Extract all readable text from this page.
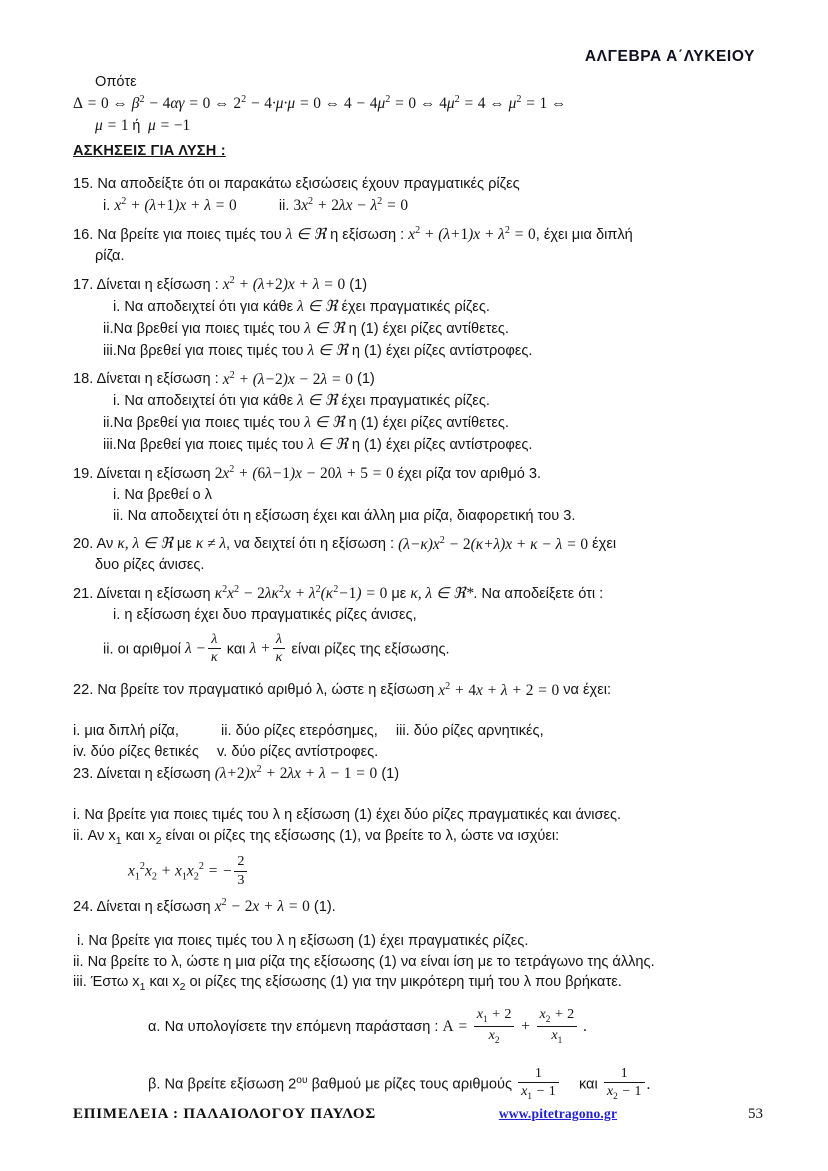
ΑΛΓΕΒΡΑ Α΄ΛΥΚΕΙΟΥ
Οπότε
Δ = 0 ⇔ $\beta^2 - 4\alpha\gamma = 0$ ⇔ $2^2 - 4\cdot\mu\cdot\mu = 0$ ⇔ $4 - 4\mu^2 = 0$ ⇔ $4\mu^2 = 4$ ⇔ $\mu^2 = 1$ ⇔
μ = 1 ή  μ = −1
ΑΣΚΗΣΕΙΣ ΓΙΑ ΛΥΣΗ :
15. Να αποδείξτε ότι οι παρακάτω εξισώσεις έχουν πραγματικές ρίζες
i. $x^2 + (\lambda+1)x + \lambda = 0$	ii. $3x^2 + 2\lambda x - \lambda^2 = 0$
16. Να βρείτε για ποιες τιμές του λ ∈ ℜ η εξίσωση : $x^2 + (\lambda+1)x + \lambda^2 = 0$, έχει μια διπλή
ρίζα.
17. Δίνεται η εξίσωση : $x^2 + (\lambda+2)x + \lambda = 0$ (1)
i. Να αποδειχτεί ότι για κάθε λ ∈ ℜ έχει πραγματικές ρίζες.
ii.Να βρεθεί για ποιες τιμές του λ ∈ ℜ η (1) έχει ρίζες αντίθετες.
iii.Να βρεθεί για ποιες τιμές του λ ∈ ℜ η (1) έχει ρίζες αντίστροφες.
18. Δίνεται η εξίσωση : $x^2 + (\lambda-2)x - 2\lambda = 0$ (1)
i. Να αποδειχτεί ότι για κάθε λ ∈ ℜ έχει πραγματικές ρίζες.
ii.Να βρεθεί για ποιες τιμές του λ ∈ ℜ η (1) έχει ρίζες αντίθετες.
iii.Να βρεθεί για ποιες τιμές του λ ∈ ℜ η (1) έχει ρίζες αντίστροφες.
19. Δίνεται η εξίσωση $2x^2 + (6\lambda-1)x - 20\lambda + 5 = 0$ έχει ρίζα τον αριθμό 3.
i. Να βρεθεί ο λ
ii. Να αποδειχτεί ότι η εξίσωση έχει και άλλη μια ρίζα, διαφορετική του 3.
20. Αν κ, λ ∈ ℜ με κ ≠ λ, να δειχτεί ότι η εξίσωση : $(\lambda-\kappa)x^2 - 2(\kappa+\lambda)x + \kappa - \lambda = 0$ έχει
δυο ρίζες άνισες.
21. Δίνεται η εξίσωση $\kappa^2x^2 - 2\lambda\kappa^2x + \lambda^2(\kappa^2-1) = 0$ με κ, λ ∈ ℜ*. Να αποδείξετε ότι :
i. η εξίσωση έχει δυο πραγματικές ρίζες άνισες,
ii. οι αριθμοί $\lambda - \frac{\lambda}{\kappa}$ και $\lambda + \frac{\lambda}{\kappa}$ είναι ρίζες της εξίσωσης.
22. Να βρείτε τον πραγματικό αριθμό λ, ώστε η εξίσωση $x^2 + 4x + \lambda + 2 = 0$ να έχει:
i. μια διπλή ρίζα,	ii. δύο ρίζες ετερόσημες, iii. δύο ρίζες αρνητικές,
iv. δύο ρίζες θετικές v. δύο ρίζες αντίστροφες.
23. Δίνεται η εξίσωση $(\lambda+2)x^2 + 2\lambda x + \lambda - 1 = 0$ (1)
i. Να βρείτε για ποιες τιμές του λ η εξίσωση (1) έχει δύο ρίζες πραγματικές και άνισες.
ii. Αν $x_1$ και $x_2$ είναι οι ρίζες της εξίσωσης (1), να βρείτε το λ, ώστε να ισχύει:
$x_1^2x_2 + x_1x_2^2$ = − $\frac{2}{3}$
24. Δίνεται η εξίσωση $x^2 - 2x + \lambda = 0$ (1).
i. Να βρείτε για ποιες τιμές του λ η εξίσωση (1) έχει πραγματικές ρίζες.
ii. Να βρείτε το λ, ώστε η μια ρίζα της εξίσωσης (1) να είναι ίση με το τετράγωνο της άλλης.
iii. Έστω $x_1$ και $x_2$ οι ρίζες της εξίσωσης (1) για την μικρότερη τιμή του λ που βρήκατε.
α. Να υπολογίσετε την επόμενη παράσταση : $A = \frac{x_1 + 2}{x_2} + \frac{x_2 + 2}{x_1}$ .
β. Να βρείτε εξίσωση $2^{o\upsilon}$ βαθμού με ρίζες τους αριθμούς $\frac{1}{x_1 - 1}$ και $\frac{1}{x_2 - 1}$ .
ΕΠΙΜΕΛΕΙΑ : ΠΑΛΑΙΟΛΟΓΟΥ ΠΑΥΛΟΣ	www.pitetragono.gr	53
